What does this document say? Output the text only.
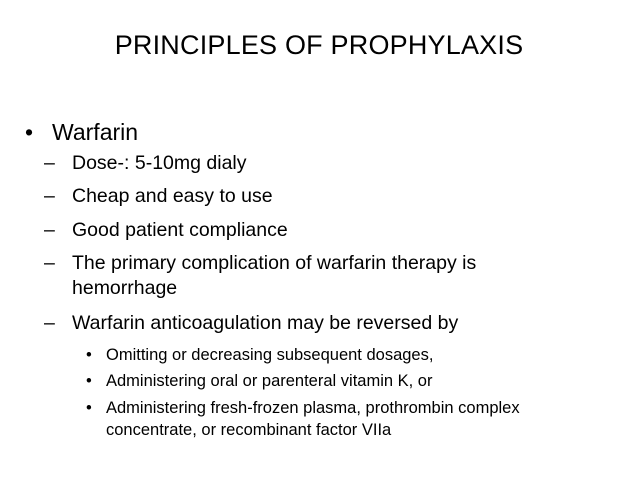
PRINCIPLES OF PROPHYLAXIS
• Warfarin
– Dose-: 5-10mg dialy
– Cheap and easy to use
– Good patient compliance
– The primary complication of warfarin therapy is
hemorrhage
– Warfarin anticoagulation may be reversed by
• Omitting or decreasing subsequent dosages,
• Administering oral or parenteral vitamin K, or
• Administering fresh-frozen plasma, prothrombin complex
concentrate, or recombinant factor VIIa
